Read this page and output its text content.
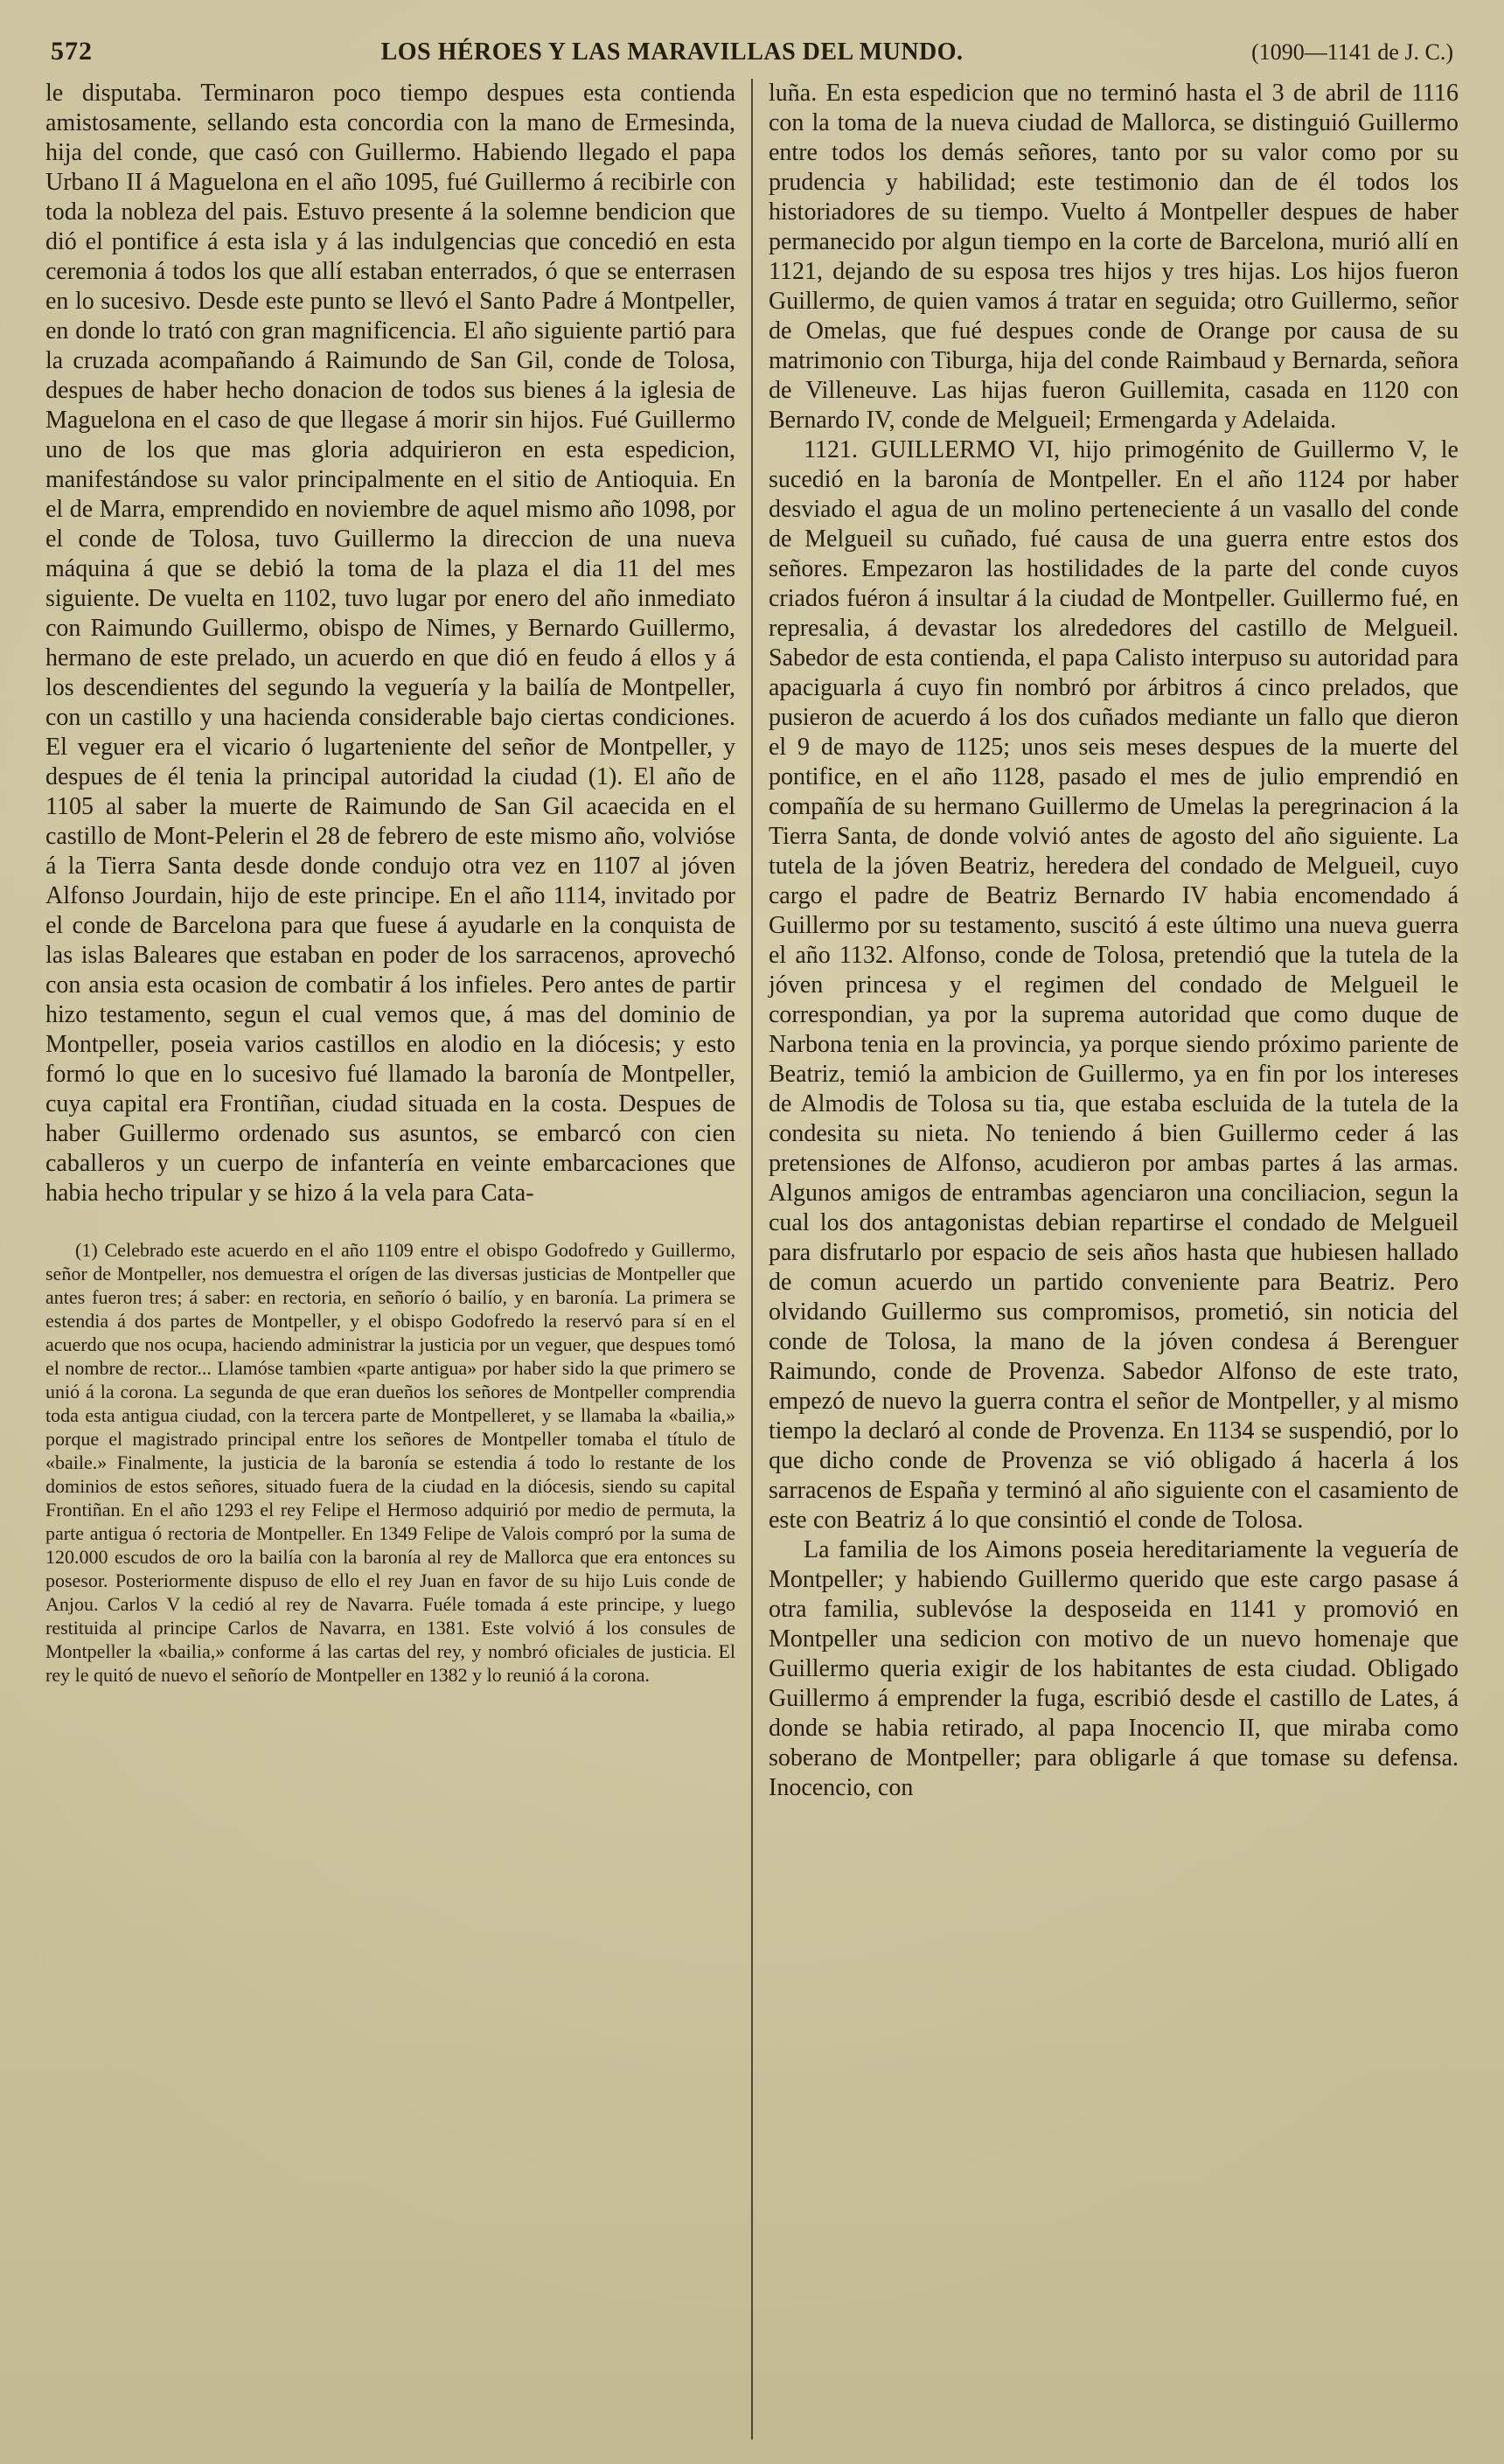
572	LOS HÉROES Y LAS MARAVILLAS DEL MUNDO.	(1090—1141 de J. C.)

le disputaba. Terminaron poco tiempo despues esta contienda amistosamente, sellando esta concordia con la mano de Ermesinda, hija del conde, que casó con Guillermo. Habiendo llegado el papa Urbano II á Maguelona en el año 1095, fué Guillermo á recibirle con toda la nobleza del pais. Estuvo presente á la solemne bendicion que dió el pontifice á esta isla y á las indulgencias que concedió en esta ceremonia á todos los que allí estaban enterrados, ó que se enterrasen en lo sucesivo. Desde este punto se llevó el Santo Padre á Montpeller, en donde lo trató con gran magnificencia. El año siguiente partió para la cruzada acompañando á Raimundo de San Gil, conde de Tolosa, despues de haber hecho donacion de todos sus bienes á la iglesia de Maguelona en el caso de que llegase á morir sin hijos. Fué Guillermo uno de los que mas gloria adquirieron en esta espedicion, manifestándose su valor principalmente en el sitio de Antioquia. En el de Marra, emprendido en noviembre de aquel mismo año 1098, por el conde de Tolosa, tuvo Guillermo la direccion de una nueva máquina á que se debió la toma de la plaza el dia 11 del mes siguiente. De vuelta en 1102, tuvo lugar por enero del año inmediato con Raimundo Guillermo, obispo de Nimes, y Bernardo Guillermo, hermano de este prelado, un acuerdo en que dió en feudo á ellos y á los descendientes del segundo la veguería y la bailía de Montpeller, con un castillo y una hacienda considerable bajo ciertas condiciones. El veguer era el vicario ó lugarteniente del señor de Montpeller, y despues de él tenia la principal autoridad la ciudad (1). El año de 1105 al saber la muerte de Raimundo de San Gil acaecida en el castillo de Mont-Pelerin el 28 de febrero de este mismo año, volvióse á la Tierra Santa desde donde condujo otra vez en 1107 al jóven Alfonso Jourdain, hijo de este principe. En el año 1114, invitado por el conde de Barcelona para que fuese á ayudarle en la conquista de las islas Baleares que estaban en poder de los sarracenos, aprovechó con ansia esta ocasion de combatir á los infieles. Pero antes de partir hizo testamento, segun el cual vemos que, á mas del dominio de Montpeller, poseia varios castillos en alodio en la diócesis; y esto formó lo que en lo sucesivo fué llamado la baronía de Montpeller, cuya capital era Frontiñan, ciudad situada en la costa. Despues de haber Guillermo ordenado sus asuntos, se embarcó con cien caballeros y un cuerpo de infantería en veinte embarcaciones que habia hecho tripular y se hizo á la vela para Cata-

(1) Celebrado este acuerdo en el año 1109 entre el obispo Godofredo y Guillermo, señor de Montpeller, nos demuestra el orígen de las diversas justicias de Montpeller que antes fueron tres; á saber: en rectoria, en señorío ó bailío, y en baronía. La primera se estendia á dos partes de Montpeller, y el obispo Godofredo la reservó para sí en el acuerdo que nos ocupa, haciendo administrar la justicia por un veguer, que despues tomó el nombre de rector... Llamóse tambien «parte antigua» por haber sido la que primero se unió á la corona. La segunda de que eran dueños los señores de Montpeller comprendia toda esta antigua ciudad, con la tercera parte de Montpelleret, y se llamaba la «bailia,» porque el magistrado principal entre los señores de Montpeller tomaba el título de «baile.» Finalmente, la justicia de la baronía se estendia á todo lo restante de los dominios de estos señores, situado fuera de la ciudad en la diócesis, siendo su capital Frontiñan. En el año 1293 el rey Felipe el Hermoso adquirió por medio de permuta, la parte antigua ó rectoria de Montpeller. En 1349 Felipe de Valois compró por la suma de 120.000 escudos de oro la bailía con la baronía al rey de Mallorca que era entonces su posesor. Posteriormente dispuso de ello el rey Juan en favor de su hijo Luis conde de Anjou. Carlos V la cedió al rey de Navarra. Fuéle tomada á este principe, y luego restituida al principe Carlos de Navarra, en 1381. Este volvió á los consules de Montpeller la «bailia,» conforme á las cartas del rey, y nombró oficiales de justicia. El rey le quitó de nuevo el señorío de Montpeller en 1382 y lo reunió á la corona.

luña. En esta espedicion que no terminó hasta el 3 de abril de 1116 con la toma de la nueva ciudad de Mallorca, se distinguió Guillermo entre todos los demás señores, tanto por su valor como por su prudencia y habilidad; este testimonio dan de él todos los historiadores de su tiempo. Vuelto á Montpeller despues de haber permanecido por algun tiempo en la corte de Barcelona, murió allí en 1121, dejando de su esposa tres hijos y tres hijas. Los hijos fueron Guillermo, de quien vamos á tratar en seguida; otro Guillermo, señor de Omelas, que fué despues conde de Orange por causa de su matrimonio con Tiburga, hija del conde Raimbaud y Bernarda, señora de Villeneuve. Las hijas fueron Guillemita, casada en 1120 con Bernardo IV, conde de Melgueil; Ermengarda y Adelaida.

1121. GUILLERMO VI, hijo primogénito de Guillermo V, le sucedió en la baronía de Montpeller. En el año 1124 por haber desviado el agua de un molino perteneciente á un vasallo del conde de Melgueil su cuñado, fué causa de una guerra entre estos dos señores. Empezaron las hostilidades de la parte del conde cuyos criados fuéron á insultar á la ciudad de Montpeller. Guillermo fué, en represalia, á devastar los alrededores del castillo de Melgueil. Sabedor de esta contienda, el papa Calisto interpuso su autoridad para apaciguarla á cuyo fin nombró por árbitros á cinco prelados, que pusieron de acuerdo á los dos cuñados mediante un fallo que dieron el 9 de mayo de 1125; unos seis meses despues de la muerte del pontifice, en el año 1128, pasado el mes de julio emprendió en compañía de su hermano Guillermo de Umelas la peregrinacion á la Tierra Santa, de donde volvió antes de agosto del año siguiente. La tutela de la jóven Beatriz, heredera del condado de Melgueil, cuyo cargo el padre de Beatriz Bernardo IV habia encomendado á Guillermo por su testamento, suscitó á este último una nueva guerra el año 1132. Alfonso, conde de Tolosa, pretendió que la tutela de la jóven princesa y el regimen del condado de Melgueil le correspondian, ya por la suprema autoridad que como duque de Narbona tenia en la provincia, ya porque siendo próximo pariente de Beatriz, temió la ambicion de Guillermo, ya en fin por los intereses de Almodis de Tolosa su tia, que estaba escluida de la tutela de la condesita su nieta. No teniendo á bien Guillermo ceder á las pretensiones de Alfonso, acudieron por ambas partes á las armas. Algunos amigos de entrambas agenciaron una conciliacion, segun la cual los dos antagonistas debian repartirse el condado de Melgueil para disfrutarlo por espacio de seis años hasta que hubiesen hallado de comun acuerdo un partido conveniente para Beatriz. Pero olvidando Guillermo sus compromisos, prometió, sin noticia del conde de Tolosa, la mano de la jóven condesa á Berenguer Raimundo, conde de Provenza. Sabedor Alfonso de este trato, empezó de nuevo la guerra contra el señor de Montpeller, y al mismo tiempo la declaró al conde de Provenza. En 1134 se suspendió, por lo que dicho conde de Provenza se vió obligado á hacerla á los sarracenos de España y terminó al año siguiente con el casamiento de este con Beatriz á lo que consintió el conde de Tolosa.

La familia de los Aimons poseia hereditariamente la veguería de Montpeller; y habiendo Guillermo querido que este cargo pasase á otra familia, sublevóse la desposeida en 1141 y promovió en Montpeller una sedicion con motivo de un nuevo homenaje que Guillermo queria exigir de los habitantes de esta ciudad. Obligado Guillermo á emprender la fuga, escribió desde el castillo de Lates, á donde se habia retirado, al papa Inocencio II, que miraba como soberano de Montpeller; para obligarle á que tomase su defensa. Inocencio, con
